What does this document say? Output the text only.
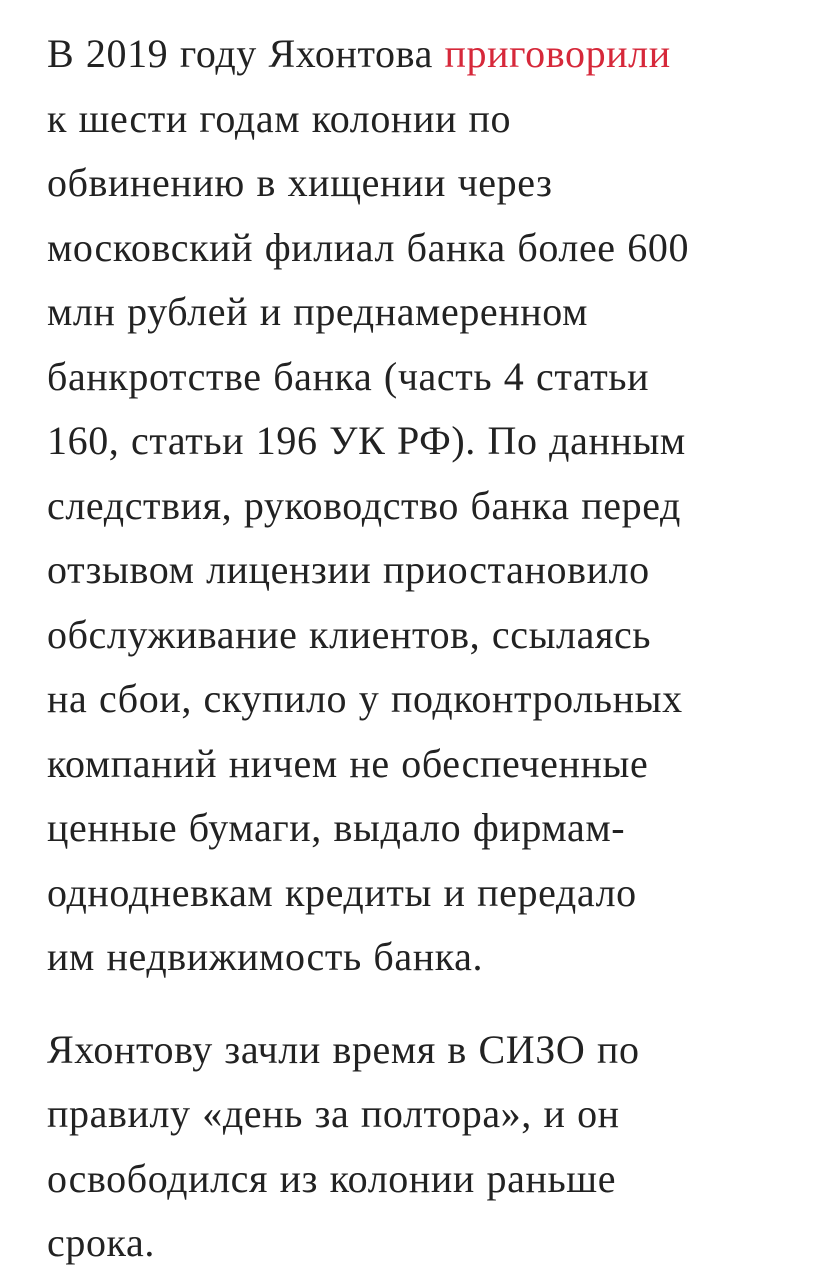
В 2019 году Яхонтова приговорили
к шести годам колонии по
обвинению в хищении через
московский филиал банка более 600
млн рублей и преднамеренном
банкротстве банка (часть 4 статьи
160, статьи 196 УК РФ). По данным
следствия, руководство банка перед
отзывом лицензии приостановило
обслуживание клиентов, ссылаясь
на сбои, скупило у подконтрольных
компаний ничем не обеспеченные
ценные бумаги, выдало фирмам-
однодневкам кредиты и передало
им недвижимость банка.

Яхонтову зачли время в СИЗО по
правилу «день за полтора», и он
освободился из колонии раньше
срока.
